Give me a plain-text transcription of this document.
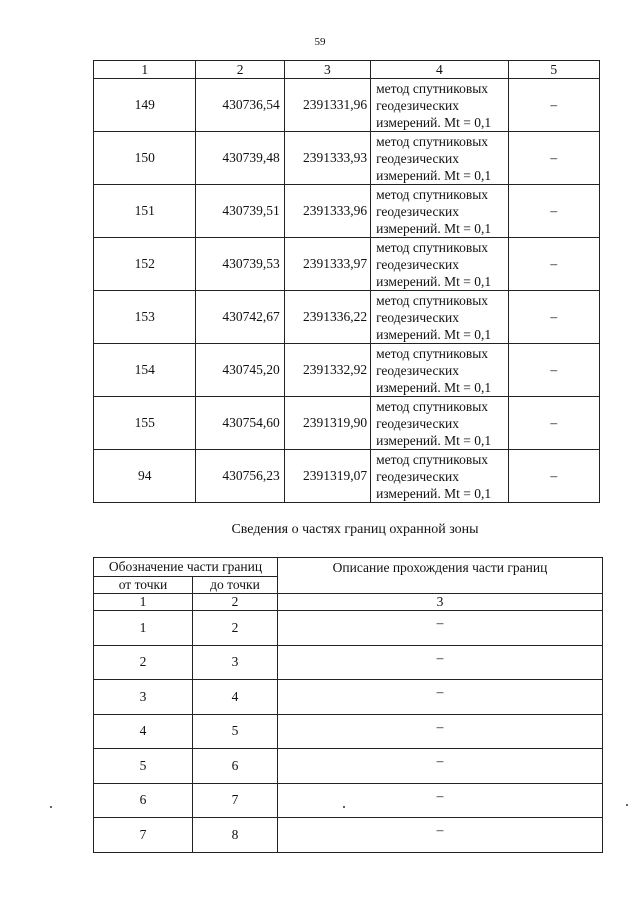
59
1	2	3	4	5
149	430736,54	2391331,96	метод спутниковых
геодезических
измерений. Mt = 0,1	–
150	430739,48	2391333,93	метод спутниковых
геодезических
измерений. Mt = 0,1	–
151	430739,51	2391333,96	метод спутниковых
геодезических
измерений. Mt = 0,1	–
152	430739,53	2391333,97	метод спутниковых
геодезических
измерений. Mt = 0,1	–
153	430742,67	2391336,22	метод спутниковых
геодезических
измерений. Mt = 0,1	–
154	430745,20	2391332,92	метод спутниковых
геодезических
измерений. Mt = 0,1	–
155	430754,60	2391319,90	метод спутниковых
геодезических
измерений. Mt = 0,1	–
94	430756,23	2391319,07	метод спутниковых
геодезических
измерений. Mt = 0,1	–
Сведения о частях границ охранной зоны
Обозначение части границ		Описание прохождения части границ
от точки	до точки	
1	2	3
1	2	–
2	3	–
3	4	–
4	5	–
5	6	–
6	7	–
7	8	–
